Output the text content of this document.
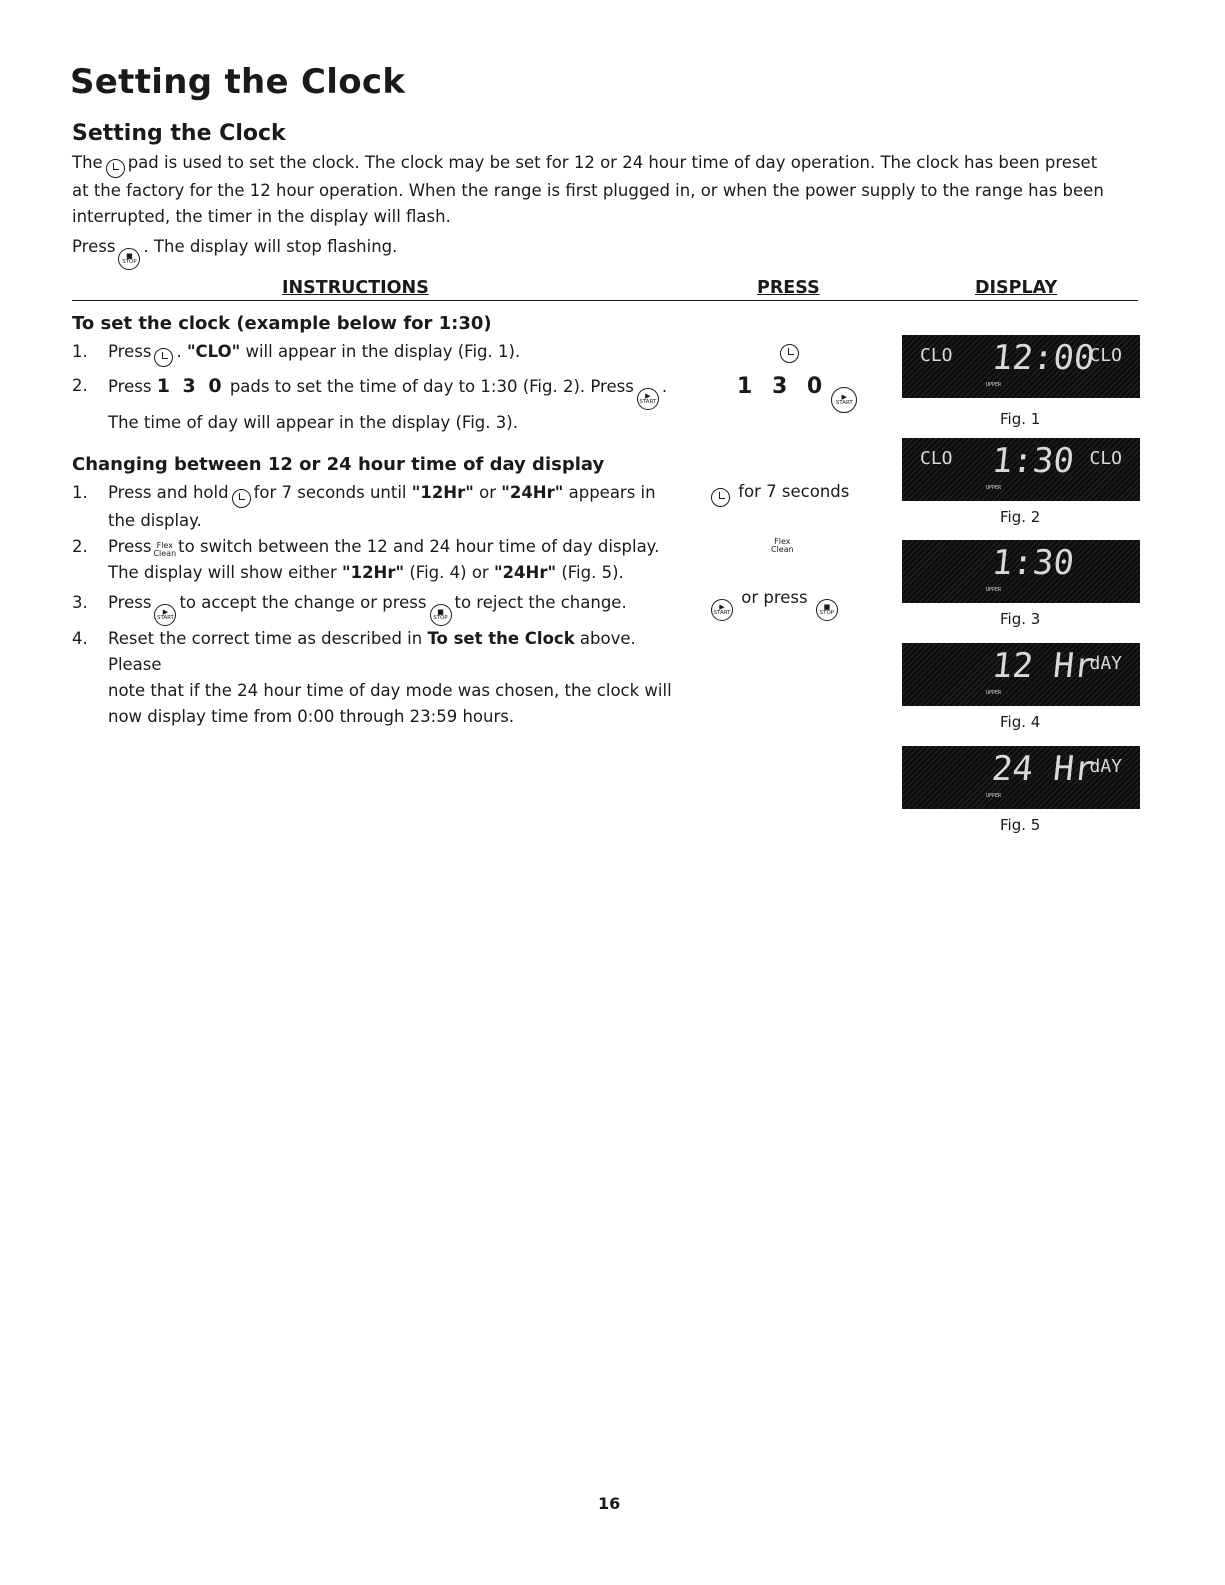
Setting the Clock
Setting the Clock
The pad is used to set the clock. The clock may be set for 12 or 24 hour time of day operation. The clock has been preset
at the factory for the 12 hour operation. When the range is first plugged in, or when the power supply to the range has been
interrupted, the timer in the display will flash.
Press ■
STOP
. The display will stop flashing.
INSTRUCTIONS	PRESS	DISPLAY
To set the clock (example below for 1:30)
1. Press . "CLO" will appear in the display (Fig. 1).
2. Press 1 3 0 pads to set the time of day to 1:30 (Fig. 2). Press ▶
START
.
The time of day will appear in the display (Fig. 3).
Changing between 12 or 24 hour time of day display
1. Press and hold for 7 seconds until "12Hr" or "24Hr" appears in
the display.
2. Press Flex
Clean to switch between the 12 and 24 hour time of day display.
The display will show either "12Hr" (Fig. 4) or "24Hr" (Fig. 5).
3. Press ▶
START
to accept the change or press ■
STOP
to reject the change.
4. Reset the correct time as described in To set the Clock above. Please
note that if the 24 hour time of day mode was chosen, the clock will
now display time from 0:00 through 23:59 hours.
1 3 0 ▶
START
for 7 seconds
Flex
Clean
▶
START
or press ■
STOP
CLO 12:00
CLO
UPPER
Fig. 1
CLO 1:30 CLO
UPPER
Fig. 2
1:30
UPPER
Fig. 3
12 Hr
dAY
UPPER
Fig. 4
24 Hr
dAY
UPPER
Fig. 5
16
